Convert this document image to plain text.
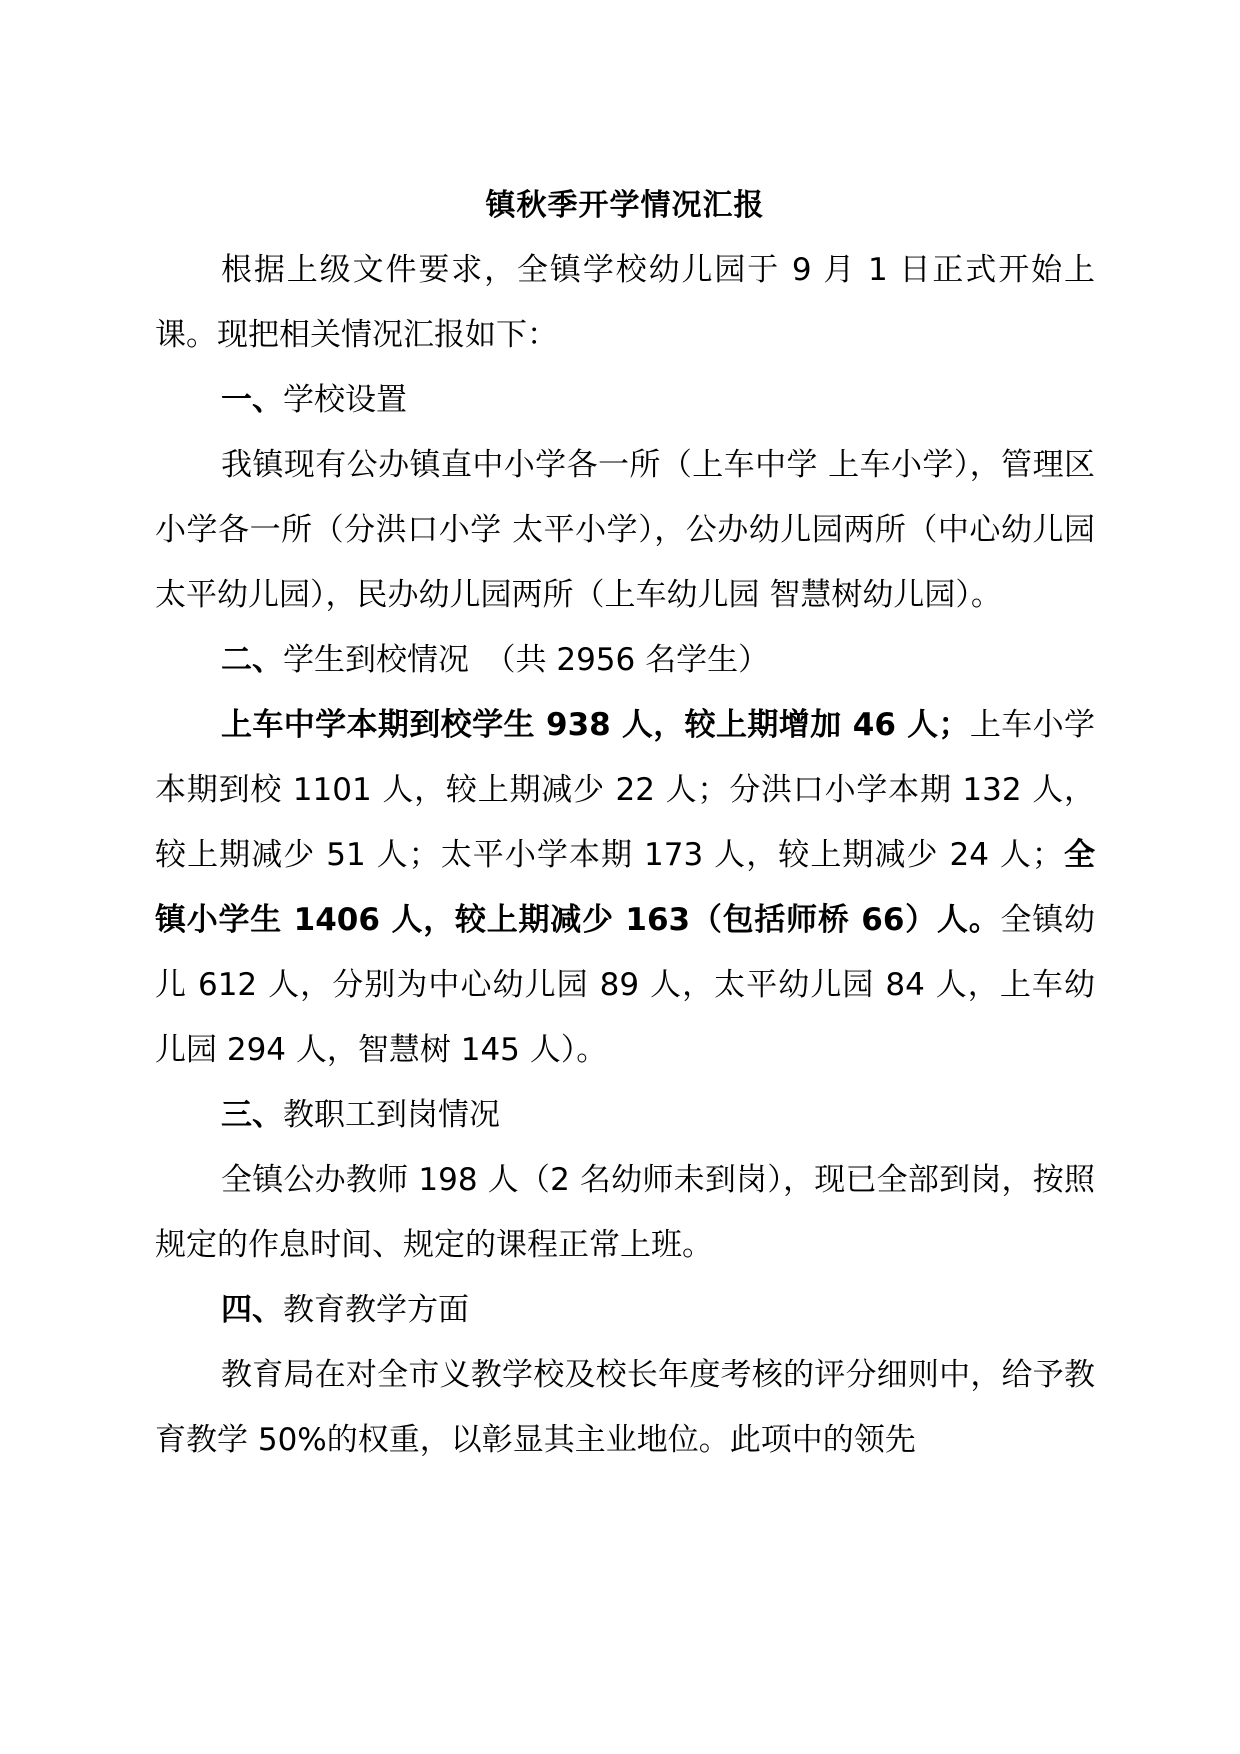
镇秋季开学情况汇报

根据上级文件要求，全镇学校幼儿园于 9 月 1 日正式开始上课。现把相关情况汇报如下：

一、学校设置

我镇现有公办镇直中小学各一所（上车中学 上车小学），管理区小学各一所（分洪口小学 太平小学），公办幼儿园两所（中心幼儿园 太平幼儿园），民办幼儿园两所（上车幼儿园 智慧树幼儿园）。

二、学生到校情况　（共 2956 名学生）

上车中学本期到校学生 938 人，较上期增加 46 人；上车小学本期到校 1101 人，较上期减少 22 人；分洪口小学本期 132 人，较上期减少 51 人；太平小学本期 173 人，较上期减少 24 人；全镇小学生 1406 人，较上期减少 163（包括师桥 66）人。全镇幼儿 612 人，分别为中心幼儿园 89 人，太平幼儿园 84 人，上车幼儿园 294 人，智慧树 145 人）。

三、教职工到岗情况

全镇公办教师 198 人（2 名幼师未到岗），现已全部到岗，按照规定的作息时间、规定的课程正常上班。

四、教育教学方面

教育局在对全市义教学校及校长年度考核的评分细则中，给予教育教学 50%的权重，以彰显其主业地位。此项中的领先
